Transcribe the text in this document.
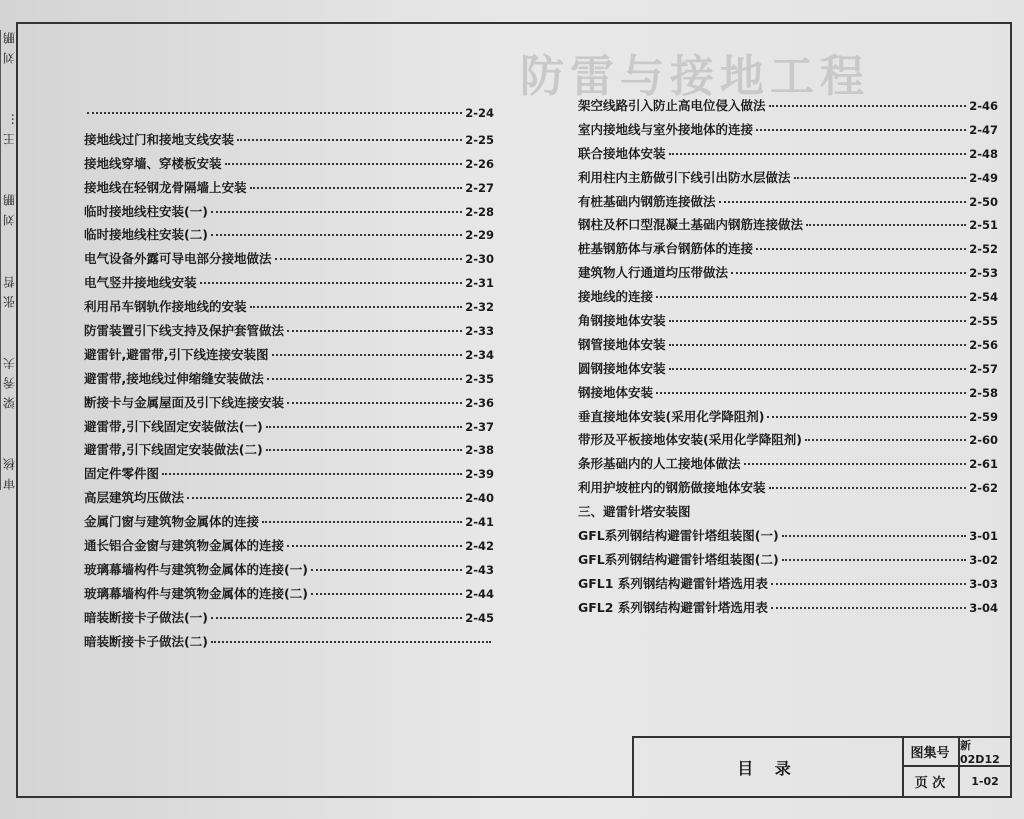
防雷与接地工程
审 核
梁 秀 夫
张 哲
刘 鹏
王 …
刘 鹏
2-24
接地线过门和接地支线安装	2-25
接地线穿墙、穿楼板安装	2-26
接地线在轻钢龙骨隔墙上安装	2-27
临时接地线柱安装(一)	2-28
临时接地线柱安装(二)	2-29
电气设备外露可导电部分接地做法	2-30
电气竖井接地线安装	2-31
利用吊车钢轨作接地线的安装	2-32
防雷装置引下线支持及保护套管做法	2-33
避雷针,避雷带,引下线连接安装图	2-34
避雷带,接地线过伸缩缝安装做法	2-35
断接卡与金属屋面及引下线连接安装	2-36
避雷带,引下线固定安装做法(一)	2-37
避雷带,引下线固定安装做法(二)	2-38
固定件零件图	2-39
高层建筑均压做法	2-40
金属门窗与建筑物金属体的连接	2-41
通长铝合金窗与建筑物金属体的连接	2-42
玻璃幕墙构件与建筑物金属体的连接(一)	2-43
玻璃幕墙构件与建筑物金属体的连接(二)	2-44
暗装断接卡子做法(一)	2-45
暗装断接卡子做法(二)
架空线路引入防止高电位侵入做法	2-46
室内接地线与室外接地体的连接	2-47
联合接地体安装	2-48
利用柱内主筋做引下线引出防水层做法	2-49
有桩基础内钢筋连接做法	2-50
钢柱及杯口型混凝土基础内钢筋连接做法	2-51
桩基钢筋体与承台钢筋体的连接	2-52
建筑物人行通道均压带做法	2-53
接地线的连接	2-54
角钢接地体安装	2-55
钢管接地体安装	2-56
圆钢接地体安装	2-57
钢接地体安装	2-58
垂直接地体安装(采用化学降阻剂)	2-59
带形及平板接地体安装(采用化学降阻剂)	2-60
条形基础内的人工接地体做法	2-61
利用护坡桩内的钢筋做接地体安装	2-62
三、避雷针塔安装图
GFL系列钢结构避雷针塔组装图(一)	3-01
GFL系列钢结构避雷针塔组装图(二)	3-02
GFL1 系列钢结构避雷针塔选用表	3-03
GFL2 系列钢结构避雷针塔选用表	3-04
目 录
图集号
新02D12
页 次	1-02
